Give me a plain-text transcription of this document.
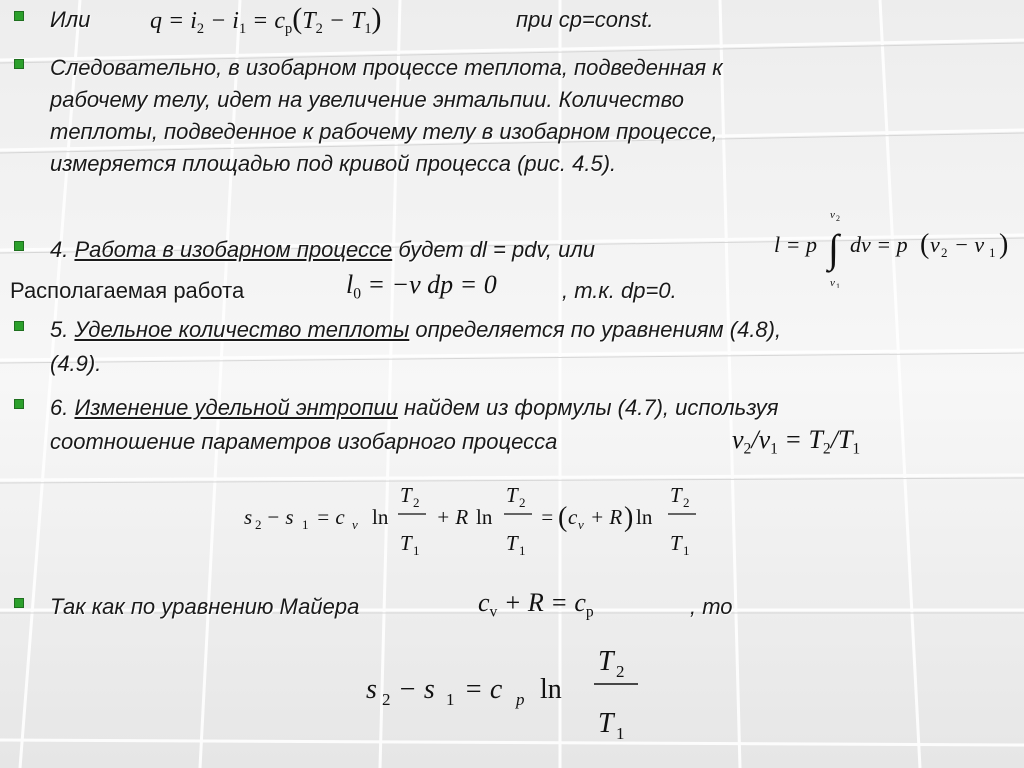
Или $q = i_2 - i_1 = c_p(T_2 - T_1)$	при cp=const.
Следовательно, в изобарном процессе теплота, подведенная к
рабочему телу, идет на увеличение энтальпии. Количество
теплоты, подведенное к рабочему телу в изобарном процессе,
измеряется площадью под кривой процесса (рис. 4.5).
4. Работа в изобарном процессе будет dl = pdv, или	l = p ∫
v 2
v 1
dv = p ( v 2 − v 1 )
Располагаемая работа	$l_0 = -v$ dp = 0	, т.к. dp=0.
5. Удельное количество теплоты определяется по уравнениям (4.8),
(4.9).
6. Изменение удельной энтропии найдем из формулы (4.7), используя
соотношение параметров изобарного процесса	$v_2/v_1 = T_2/T_1$
s 2 − s 1 = c v ln
T 2
T 1
+ R ln
T 2
T 1
= ( c v + R ) ln
T 2
T 1
Так как по уравнению Майера	$c_v + R = c_p$	, то
s 2 − s 1 = c p ln
T 2
T 1
